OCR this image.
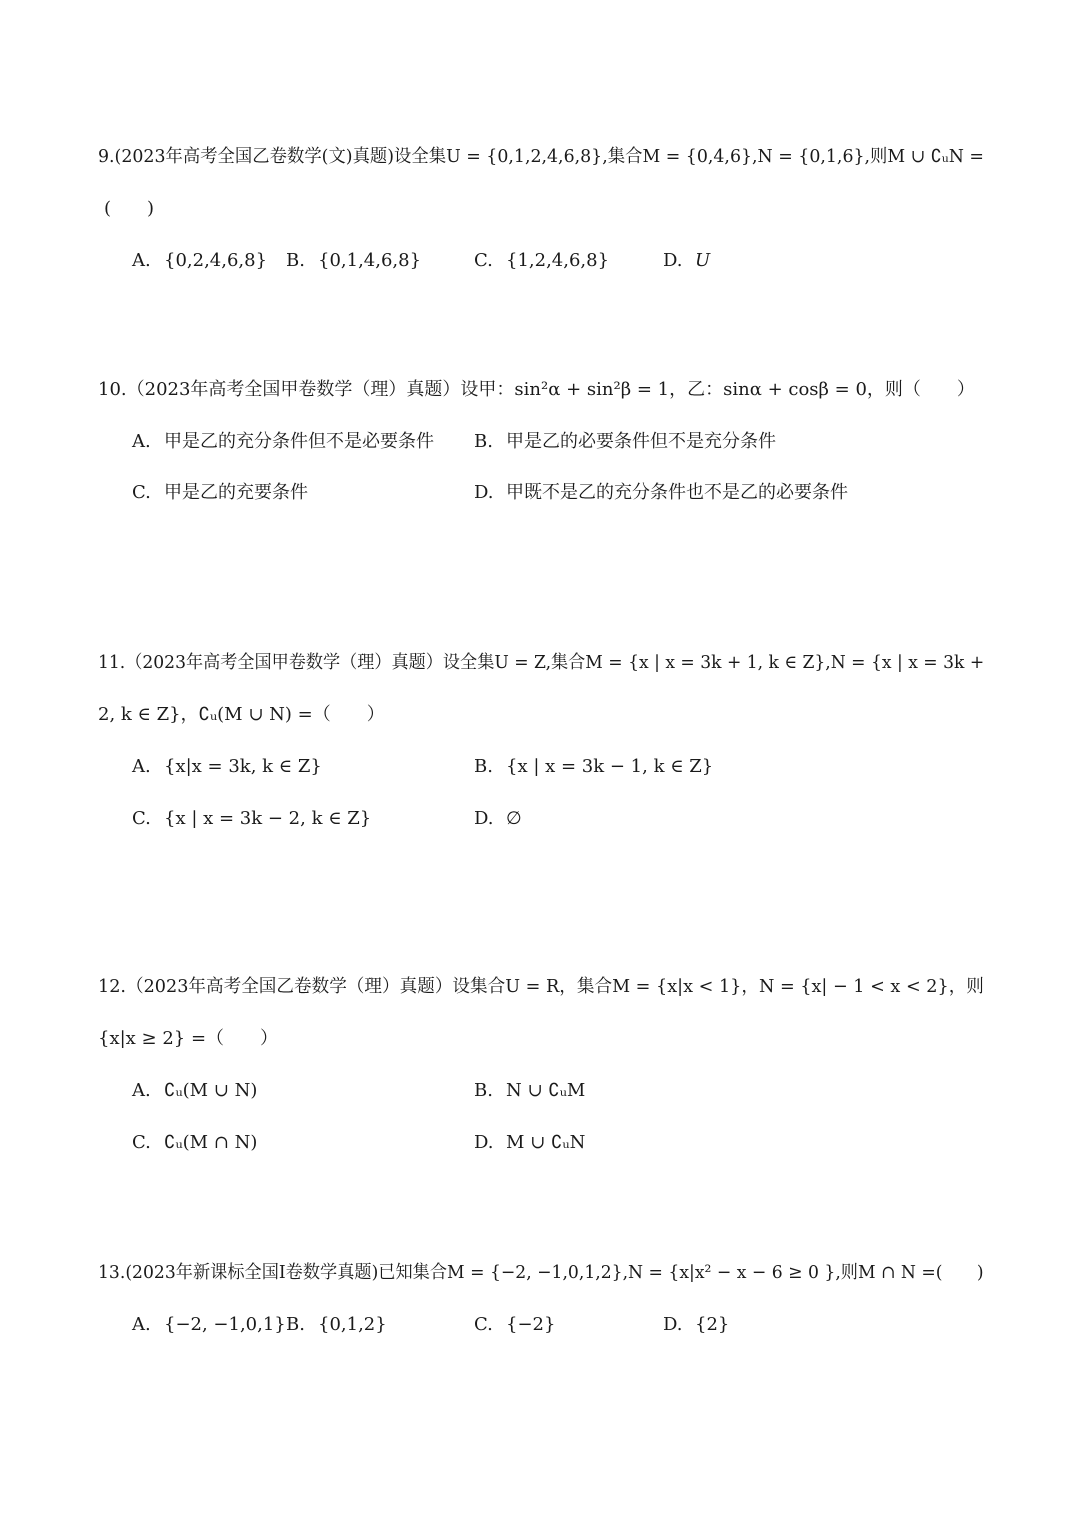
9.(2023年高考全国乙卷数学(文)真题)设全集U = {0,1,2,4,6,8},集合M = {0,4,6},N = {0,1,6},则M ∪ ∁ᵤN =
(　　)
A. {0,2,4,6,8} B. {0,1,4,6,8}	C. {1,2,4,6,8}	D. U
10.（2023年高考全国甲卷数学（理）真题）设甲：sin²α + sin²β = 1，乙：sinα + cosβ = 0，则（　　）
A. 甲是乙的充分条件但不是必要条件 B. 甲是乙的必要条件但不是充分条件
C. 甲是乙的充要条件	D. 甲既不是乙的充分条件也不是乙的必要条件
11.（2023年高考全国甲卷数学（理）真题）设全集U = Z,集合M = {x | x = 3k + 1, k ∈ Z},N = {x | x = 3k +
2, k ∈ Z}，∁ᵤ(M ∪ N) =（　　）
A. {x|x = 3k, k ∈ Z}	B. {x | x = 3k − 1, k ∈ Z}
C. {x | x = 3k − 2, k ∈ Z}	D. ∅
12.（2023年高考全国乙卷数学（理）真题）设集合U = R，集合M = {x|x < 1}，N = {x| − 1 < x < 2}，则
{x|x ≥ 2} =（　　）
A. ∁ᵤ(M ∪ N)	B. N ∪ ∁ᵤM
C. ∁ᵤ(M ∩ N)	D. M ∪ ∁ᵤN
13.(2023年新课标全国I卷数学真题)已知集合M = {−2, −1,0,1,2},N = {x|x² − x − 6 ≥ 0 },则M ∩ N =(　　)
A. {−2, −1,0,1} B. {0,1,2}	C. {−2}	D. {2}
